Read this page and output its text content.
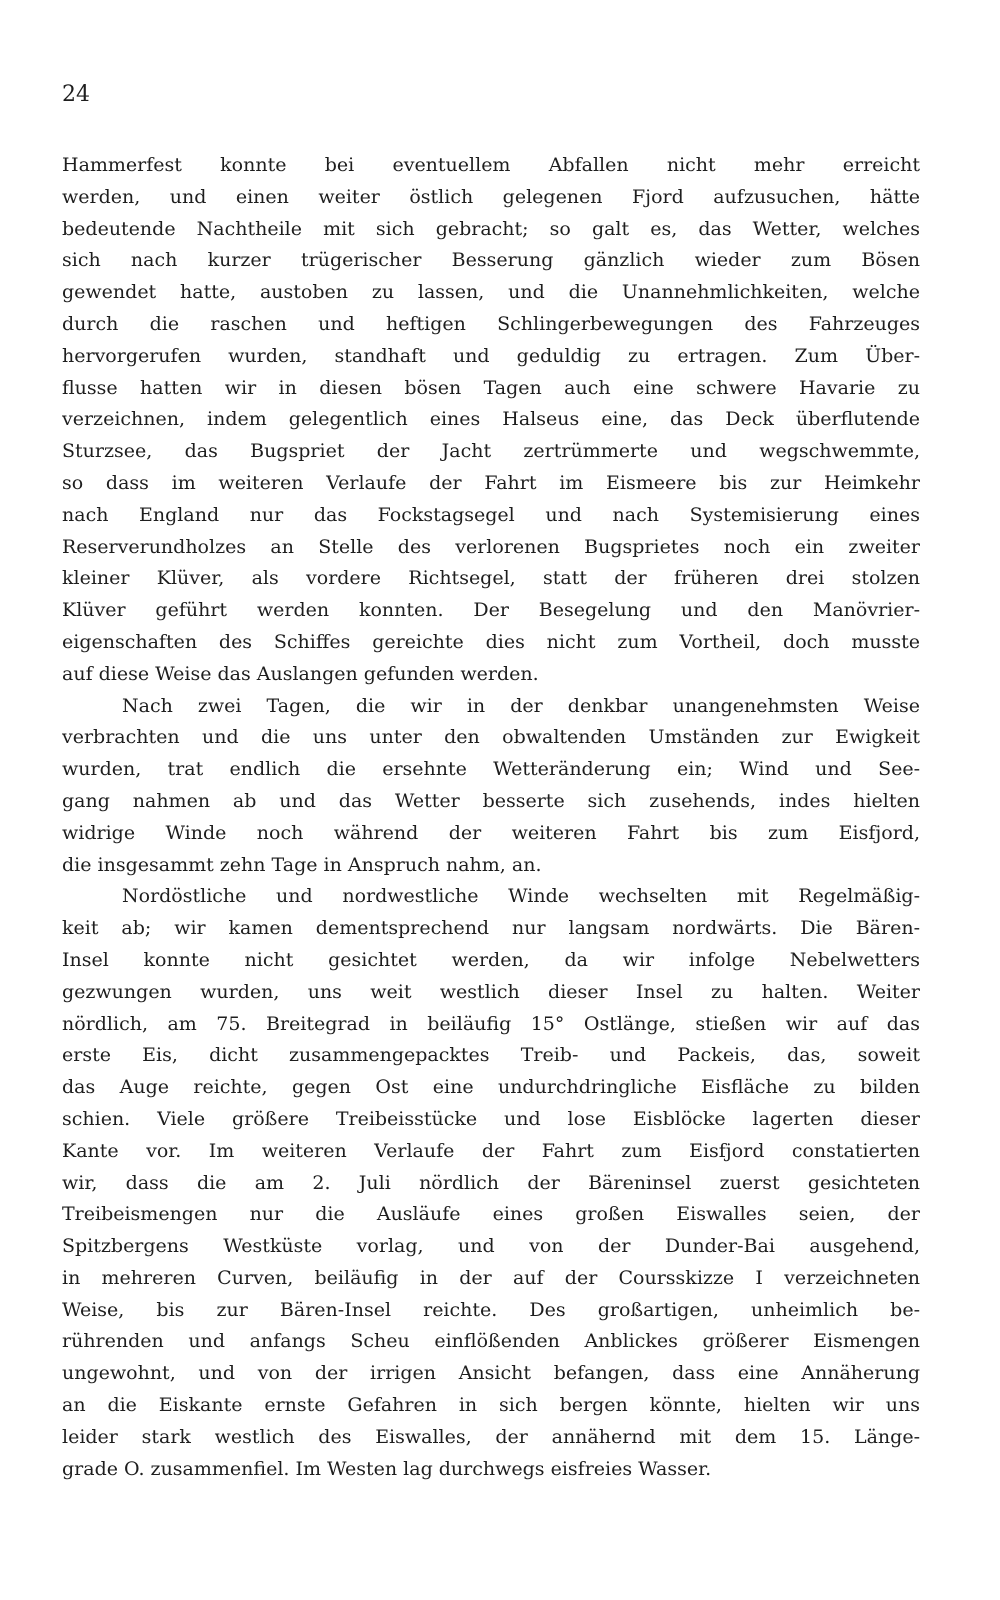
24
Hammerfest konnte bei eventuellem Abfallen nicht mehr erreicht
werden, und einen weiter östlich gelegenen Fjord aufzusuchen, hätte
bedeutende Nachtheile mit sich gebracht; so galt es, das Wetter, welches
sich nach kurzer trügerischer Besserung gänzlich wieder zum Bösen
gewendet hatte, austoben zu lassen, und die Unannehmlichkeiten, welche
durch die raschen und heftigen Schlingerbewegungen des Fahrzeuges
hervorgerufen wurden, standhaft und geduldig zu ertragen. Zum Über-
flusse hatten wir in diesen bösen Tagen auch eine schwere Havarie zu
verzeichnen, indem gelegentlich eines Halseus eine, das Deck überflutende
Sturzsee, das Bugspriet der Jacht zertrümmerte und wegschwemmte,
so dass im weiteren Verlaufe der Fahrt im Eismeere bis zur Heimkehr
nach England nur das Fockstagsegel und nach Systemisierung eines
Reserverundholzes an Stelle des verlorenen Bugsprietes noch ein zweiter
kleiner Klüver, als vordere Richtsegel, statt der früheren drei stolzen
Klüver geführt werden konnten. Der Besegelung und den Manövrier-
eigenschaften des Schiffes gereichte dies nicht zum Vortheil, doch musste
auf diese Weise das Auslangen gefunden werden.
Nach zwei Tagen, die wir in der denkbar unangenehmsten Weise
verbrachten und die uns unter den obwaltenden Umständen zur Ewigkeit
wurden, trat endlich die ersehnte Wetteränderung ein; Wind und See-
gang nahmen ab und das Wetter besserte sich zusehends, indes hielten
widrige Winde noch während der weiteren Fahrt bis zum Eisfjord,
die insgesammt zehn Tage in Anspruch nahm, an.
Nordöstliche und nordwestliche Winde wechselten mit Regelmäßig-
keit ab; wir kamen dementsprechend nur langsam nordwärts. Die Bären-
Insel konnte nicht gesichtet werden, da wir infolge Nebelwetters
gezwungen wurden, uns weit westlich dieser Insel zu halten. Weiter
nördlich, am 75. Breitegrad in beiläufig 15° Ostlänge, stießen wir auf das
erste Eis, dicht zusammengepacktes Treib- und Packeis, das, soweit
das Auge reichte, gegen Ost eine undurchdringliche Eisfläche zu bilden
schien. Viele größere Treibeisstücke und lose Eisblöcke lagerten dieser
Kante vor. Im weiteren Verlaufe der Fahrt zum Eisfjord constatierten
wir, dass die am 2. Juli nördlich der Bäreninsel zuerst gesichteten
Treibeismengen nur die Ausläufe eines großen Eiswalles seien, der
Spitzbergens Westküste vorlag, und von der Dunder-Bai ausgehend,
in mehreren Curven, beiläufig in der auf der Coursskizze I verzeichneten
Weise, bis zur Bären-Insel reichte. Des großartigen, unheimlich be-
rührenden und anfangs Scheu einflößenden Anblickes größerer Eismengen
ungewohnt, und von der irrigen Ansicht befangen, dass eine Annäherung
an die Eiskante ernste Gefahren in sich bergen könnte, hielten wir uns
leider stark westlich des Eiswalles, der annähernd mit dem 15. Länge-
grade O. zusammenfiel. Im Westen lag durchwegs eisfreies Wasser.
